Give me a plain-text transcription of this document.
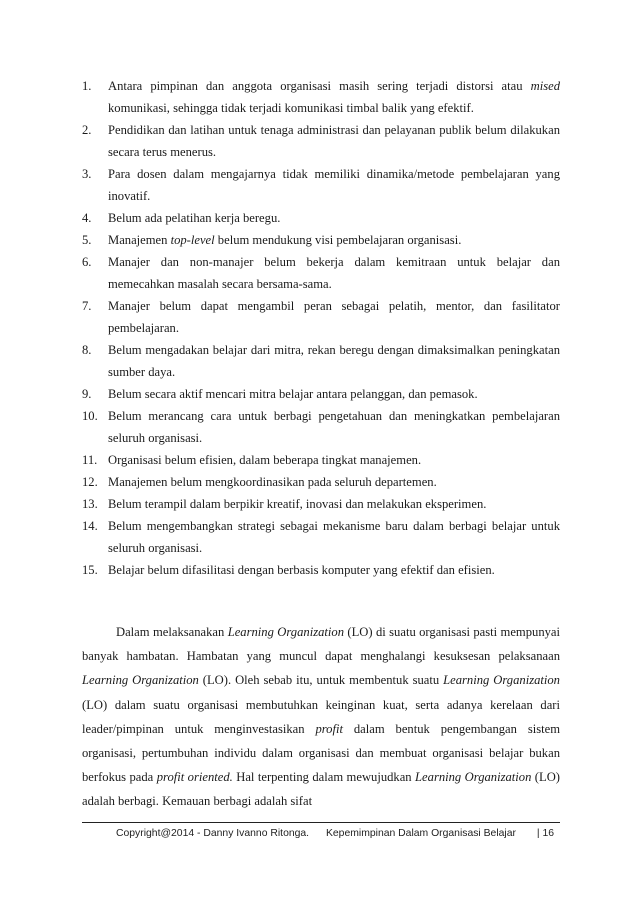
1. Antara pimpinan dan anggota organisasi masih sering terjadi distorsi atau mised komunikasi, sehingga tidak terjadi komunikasi timbal balik yang efektif.
2. Pendidikan dan latihan untuk tenaga administrasi dan pelayanan publik belum dilakukan secara terus menerus.
3. Para dosen dalam mengajarnya tidak memiliki dinamika/metode pembelajaran yang inovatif.
4. Belum ada pelatihan kerja beregu.
5. Manajemen top-level belum mendukung visi pembelajaran organisasi.
6. Manajer dan non-manajer belum bekerja dalam kemitraan untuk belajar dan memecahkan masalah secara bersama-sama.
7. Manajer belum dapat mengambil peran sebagai pelatih, mentor, dan fasilitator pembelajaran.
8. Belum mengadakan belajar dari mitra, rekan beregu dengan dimaksimalkan peningkatan sumber daya.
9. Belum secara aktif mencari mitra belajar antara pelanggan, dan pemasok.
10. Belum merancang cara untuk berbagi pengetahuan dan meningkatkan pembelajaran seluruh organisasi.
11. Organisasi belum efisien, dalam beberapa tingkat manajemen.
12. Manajemen belum mengkoordinasikan pada seluruh departemen.
13. Belum terampil dalam berpikir kreatif, inovasi dan melakukan eksperimen.
14. Belum mengembangkan strategi sebagai mekanisme baru dalam berbagi belajar untuk seluruh organisasi.
15. Belajar belum difasilitasi dengan berbasis komputer yang efektif dan efisien.

Dalam melaksanakan Learning Organization (LO) di suatu organisasi pasti mempunyai banyak hambatan. Hambatan yang muncul dapat menghalangi kesuksesan pelaksanaan Learning Organization (LO). Oleh sebab itu, untuk membentuk suatu Learning Organization (LO) dalam suatu organisasi membutuhkan keinginan kuat, serta adanya kerelaan dari leader/pimpinan untuk menginvestasikan profit dalam bentuk pengembangan sistem organisasi, pertumbuhan individu dalam organisasi dan membuat organisasi belajar bukan berfokus pada profit oriented. Hal terpenting dalam mewujudkan Learning Organization (LO) adalah berbagi. Kemauan berbagi adalah sifat

Copyright@2014 - Danny Ivanno Ritonga. Kepemimpinan Dalam Organisasi Belajar | 16
